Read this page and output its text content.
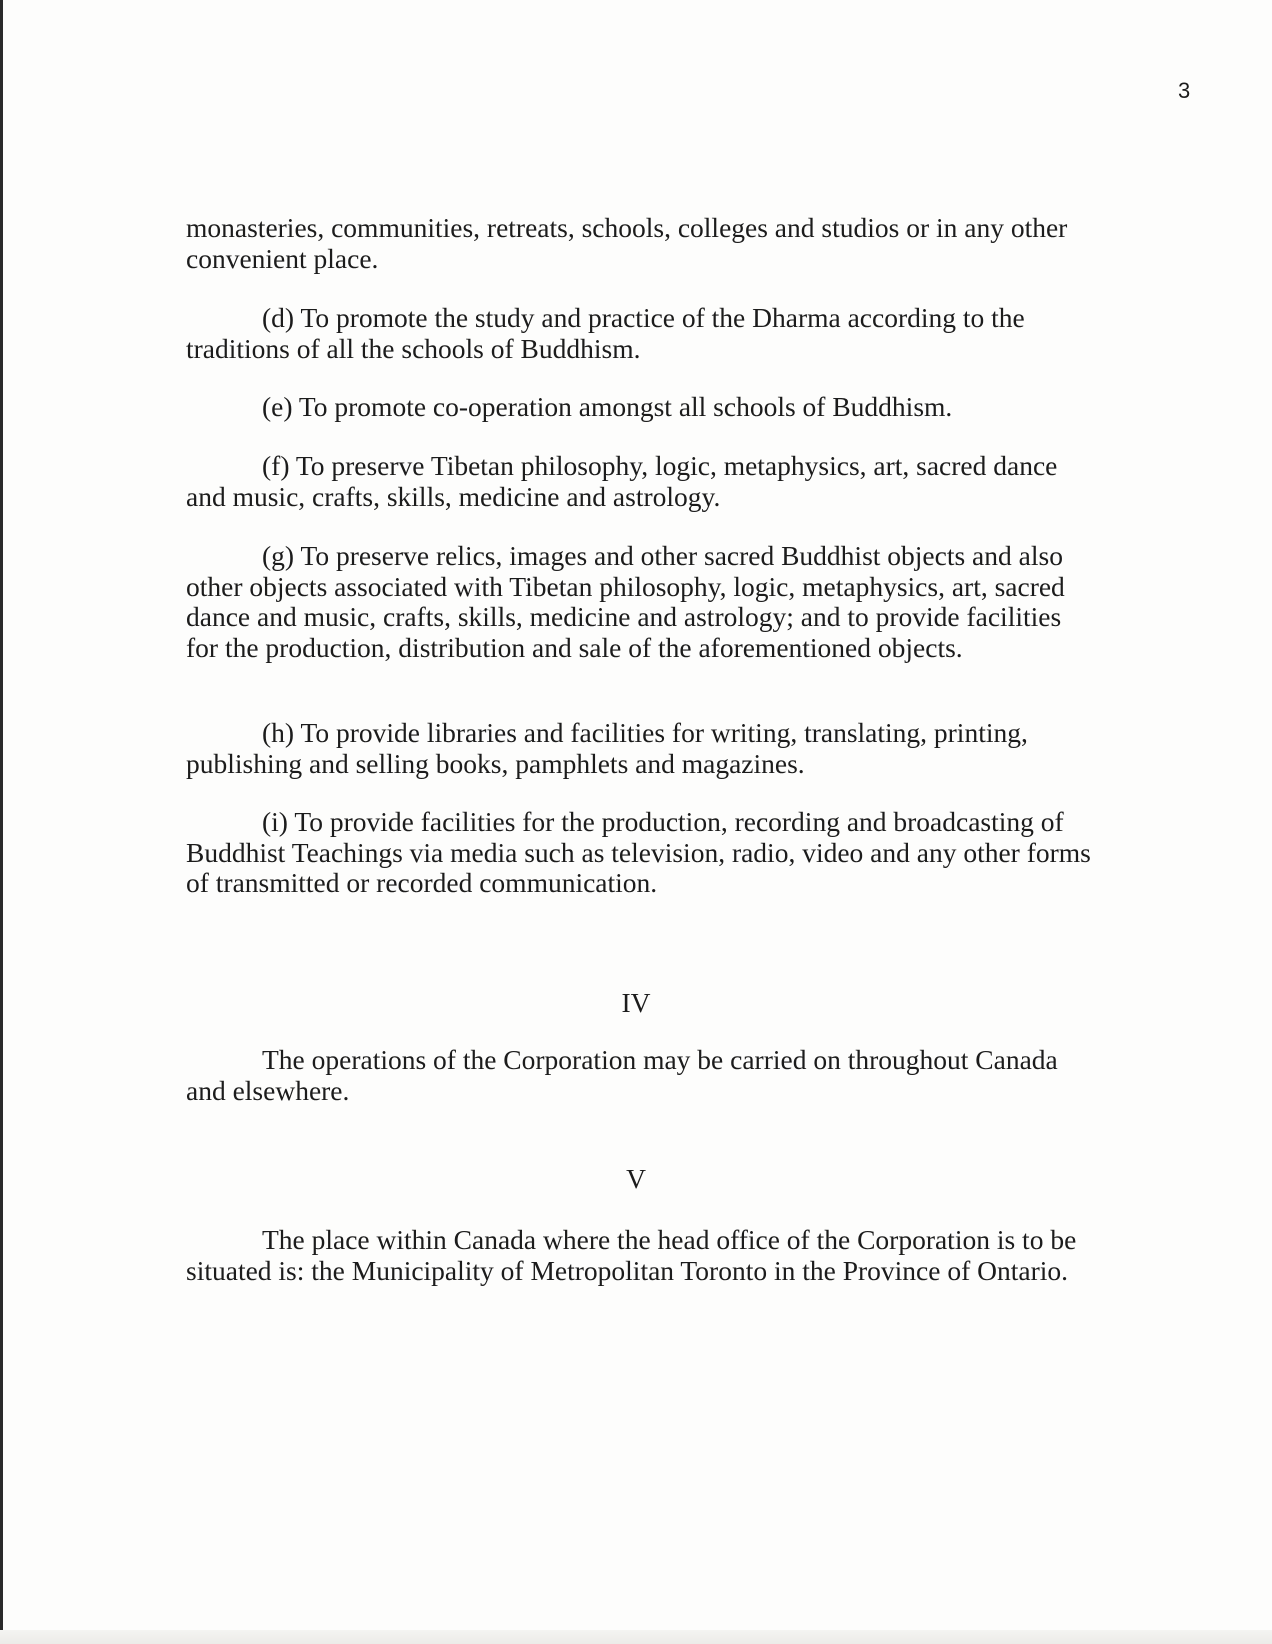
3

monasteries, communities, retreats, schools, colleges and studios or in any other convenient place.

(d) To promote the study and practice of the Dharma according to the traditions of all the schools of Buddhism.

(e) To promote co-operation amongst all schools of Buddhism.

(f) To preserve Tibetan philosophy, logic, metaphysics, art, sacred dance and music, crafts, skills, medicine and astrology.

(g) To preserve relics, images and other sacred Buddhist objects and also other objects associated with Tibetan philosophy, logic, metaphysics, art, sacred dance and music, crafts, skills, medicine and astrology; and to provide facilities for the production, distribution and sale of the aforementioned objects.

(h) To provide libraries and facilities for writing, translating, printing, publishing and selling books, pamphlets and magazines.

(i) To provide facilities for the production, recording and broadcasting of Buddhist Teachings via media such as television, radio, video and any other forms of transmitted or recorded communication.

IV

The operations of the Corporation may be carried on throughout Canada and elsewhere.

V

The place within Canada where the head office of the Corporation is to be situated is: the Municipality of Metropolitan Toronto in the Province of Ontario.
